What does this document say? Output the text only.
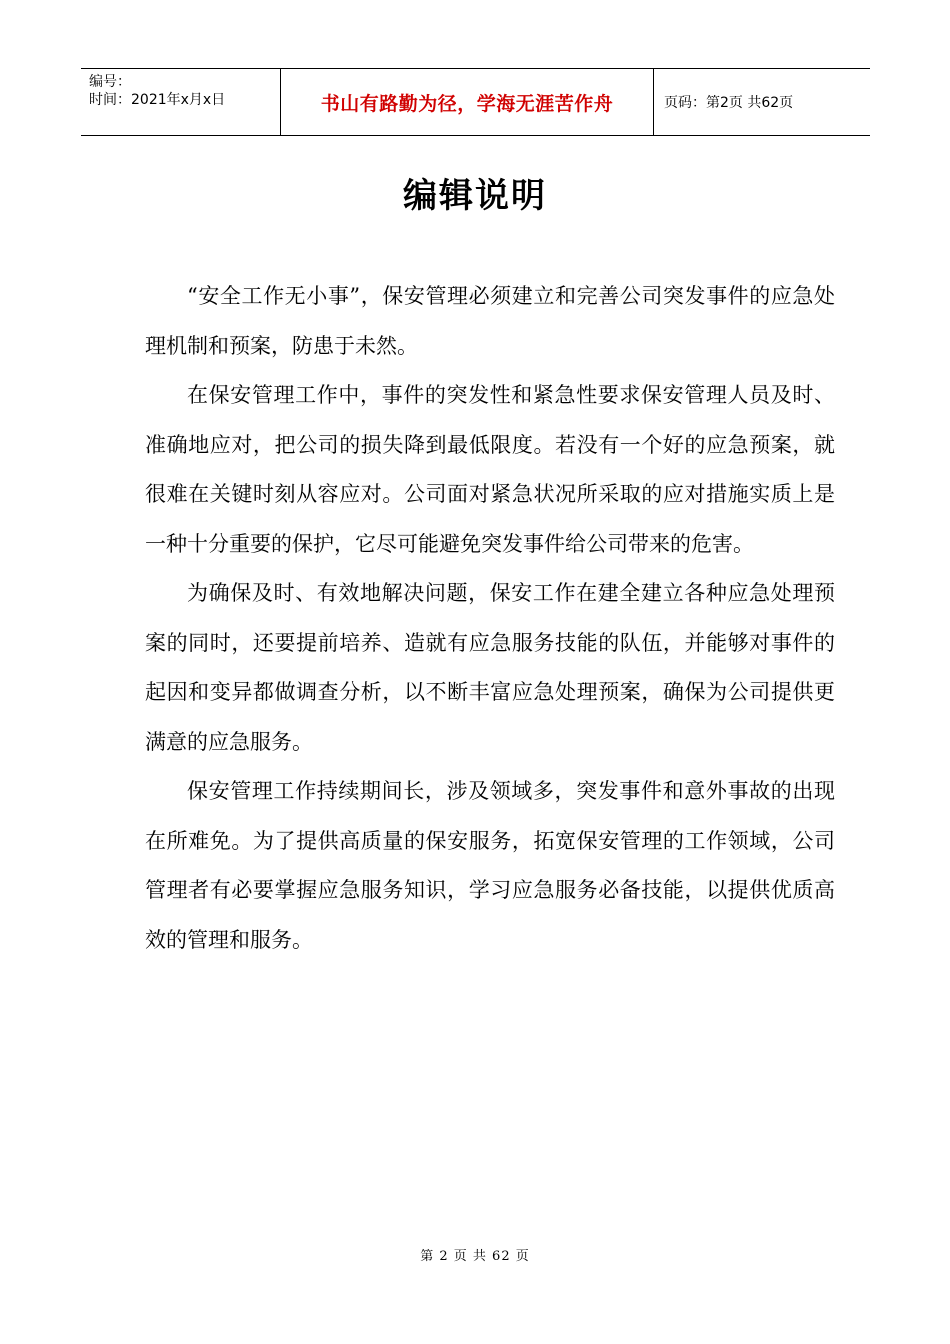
编号：
时间：2021年x月x日	书山有路勤为径，学海无涯苦作舟	页码：第2页 共62页
编辑说明

“安全工作无小事”，保安管理必须建立和完善公司突发事件的应急处理机制和预案，防患于未然。

在保安管理工作中，事件的突发性和紧急性要求保安管理人员及时、准确地应对，把公司的损失降到最低限度。若没有一个好的应急预案，就很难在关键时刻从容应对。公司面对紧急状况所采取的应对措施实质上是一种十分重要的保护，它尽可能避免突发事件给公司带来的危害。

为确保及时、有效地解决问题，保安工作在建全建立各种应急处理预案的同时，还要提前培养、造就有应急服务技能的队伍，并能够对事件的起因和变异都做调查分析，以不断丰富应急处理预案，确保为公司提供更满意的应急服务。

保安管理工作持续期间长，涉及领域多，突发事件和意外事故的出现在所难免。为了提供高质量的保安服务，拓宽保安管理的工作领域，公司管理者有必要掌握应急服务知识，学习应急服务必备技能，以提供优质高效的管理和服务。

第 2 页 共 62 页
